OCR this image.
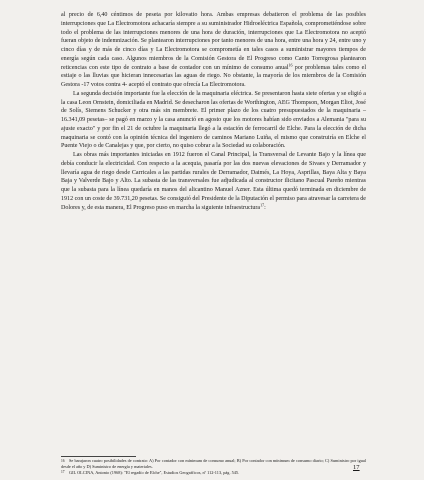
al precio de 6,40 céntimos de peseta por kilovatio hora. Ambas empresas debatieron el problema de las posibles interrupciones que La Electromotora achacaría siempre a su suministrador Hidroeléctrica Española, comprometiéndose sobre todo el problema de las interrupciones menores de una hora de duración, interrupciones que La Electromotora no aceptó fueran objeto de indemnización. Se plantearon interrupciones por tanto menores de una hora, entre una hora y 24, entre uno y cinco días y de más de cinco días y La Electromotora se comprometía en tales casos a suministrar mayores tiempos de energía según cada caso. Algunos miembros de la Comisión Gestora de El Progreso como Canto Torregrosa plantearon reticencias con este tipo de contrato a base de contador con un mínimo de consumo anual$^{16}$ por problemas tales como el estiaje o las lluvias que hicieran innecesarias las aguas de riego. No obstante, la mayoría de los miembros de la Comisión Gestora -17 votos contra 4- aceptó el contrato que ofrecía La Electromotora.

La segunda decisión importante fue la elección de la maquinaria eléctrica. Se presentaron hasta siete ofertas y se eligió a la casa Leon Ornstein, domiciliada en Madrid. Se desecharon las ofertas de Worthington, AEG Thompson, Morgan Eliot, José de Solís, Siemens Schucker y otra más sin membrete. El primer plazo de los cuatro presupuestados de la maquinaria –16.341,09 pesetas– se pagó en marzo y la casa anunció en agosto que los motores habían sido enviados a Alemania "para su ajuste exacto" y por fin el 21 de octubre la maquinaria llegó a la estación de ferrocarril de Elche. Para la elección de dicha maquinaria se contó con la opinión técnica del ingeniero de caminos Mariano Luiña, el mismo que construiría en Elche el Puente Viejo o de Canalejas y que, por cierto, no quiso cobrar a la Sociedad su colaboración.

Las obras más importantes iniciadas en 1912 fueron el Canal Principal, la Transversal de Levante Bajo y la línea que debía conducir la electricidad. Con respecto a la acequia, pasaría por las dos nuevas elevaciones de Sivaes y Derramador y llevaría agua de riego desde Carricales a las partidas rurales de Derramador, Daimés, La Hoya, Asprillas, Baya Alta y Baya Baja y Valverde Bajo y Alto. La subasta de las transversales fue adjudicada al constructor ilicitano Pascual Pareño mientras que la subasta para la línea quedaría en manos del alicantino Manuel Azner. Esta última quedó terminada en diciembre de 1912 con un coste de 39.731,20 pesetas. Se consiguió del Presidente de la Diputación el permiso para atravesar la carretera de Dolores y, de esta manera, El Progreso puso en marcha la siguiente infraestructura$^{17}$:

16 Se barajaron cuatro posibilidades de contrato: A) Por contador con mínimum de consumo anual; B) Por contador con mínimum de consumo diario; C) Suministro por igual desde el año y D) Suministro de energía y materiales.

17 GIL OLCINA, Antonio (1968): "El regadío de Elche", Estudios Geográficos, nº 112-113, pág. 545.

17
